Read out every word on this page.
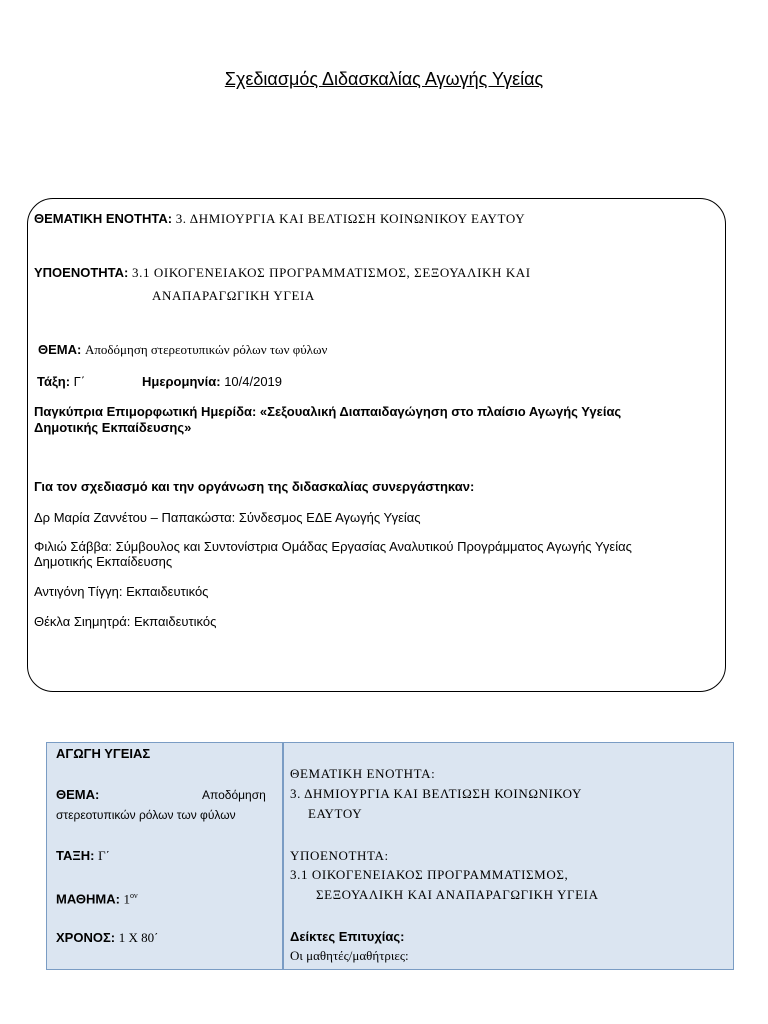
Σχεδιασμός Διδασκαλίας Αγωγής Υγείας
ΘΕΜΑΤΙΚΗ ΕΝΟΤΗΤΑ: 3. ΔΗΜΙΟΥΡΓΙΑ ΚΑΙ ΒΕΛΤΙΩΣΗ ΚΟΙΝΩΝΙΚΟΥ ΕΑΥΤΟΥ
ΥΠΟΕΝΟΤΗΤΑ: 3.1 ΟΙΚΟΓΕΝΕΙΑΚΟΣ ΠΡΟΓΡΑΜΜΑΤΙΣΜΟΣ, ΣΕΞΟΥΑΛΙΚΗ ΚΑΙ
ΑΝΑΠΑΡΑΓΩΓΙΚΗ ΥΓΕΙΑ
ΘΕΜΑ: Αποδόμηση στερεοτυπικών ρόλων των φύλων
Τάξη: Γ΄	Ημερομηνία: 10/4/2019
Παγκύπρια Επιμορφωτική Ημερίδα: «Σεξουαλική Διαπαιδαγώγηση στο πλαίσιο Αγωγής Υγείας
Δημοτικής Εκπαίδευσης»
Για τον σχεδιασμό και την οργάνωση της διδασκαλίας συνεργάστηκαν:
Δρ Μαρία Ζαννέτου – Παπακώστα: Σύνδεσμος ΕΔΕ Αγωγής Υγείας
Φιλιώ Σάββα: Σύμβουλος και Συντονίστρια Ομάδας Εργασίας Αναλυτικού Προγράμματος Αγωγής Υγείας
Δημοτικής Εκπαίδευσης
Αντιγόνη Τίγγη: Εκπαιδευτικός
Θέκλα Σιημητρά: Εκπαιδευτικός
ΑΓΩΓΗ ΥΓΕΙΑΣ
ΘΕΜΑ:	Αποδόμηση
στερεοτυπικών ρόλων των φύλων
ΤΑΞΗ: Γ΄
ΜΑΘΗΜΑ: $1^{o\nu}$
ΧΡΟΝΟΣ: 1 Χ 80΄
ΘΕΜΑΤΙΚΗ ΕΝΟΤΗΤΑ:
3. ΔΗΜΙΟΥΡΓΙΑ ΚΑΙ ΒΕΛΤΙΩΣΗ ΚΟΙΝΩΝΙΚΟΥ
ΕΑΥΤΟΥ
ΥΠΟΕΝΟΤΗΤΑ:
3.1 ΟΙΚΟΓΕΝΕΙΑΚΟΣ ΠΡΟΓΡΑΜΜΑΤΙΣΜΟΣ,
ΣΕΞΟΥΑΛΙΚΗ ΚΑΙ ΑΝΑΠΑΡΑΓΩΓΙΚΗ ΥΓΕΙΑ
Δείκτες Επιτυχίας:
Οι μαθητές/μαθήτριες:
